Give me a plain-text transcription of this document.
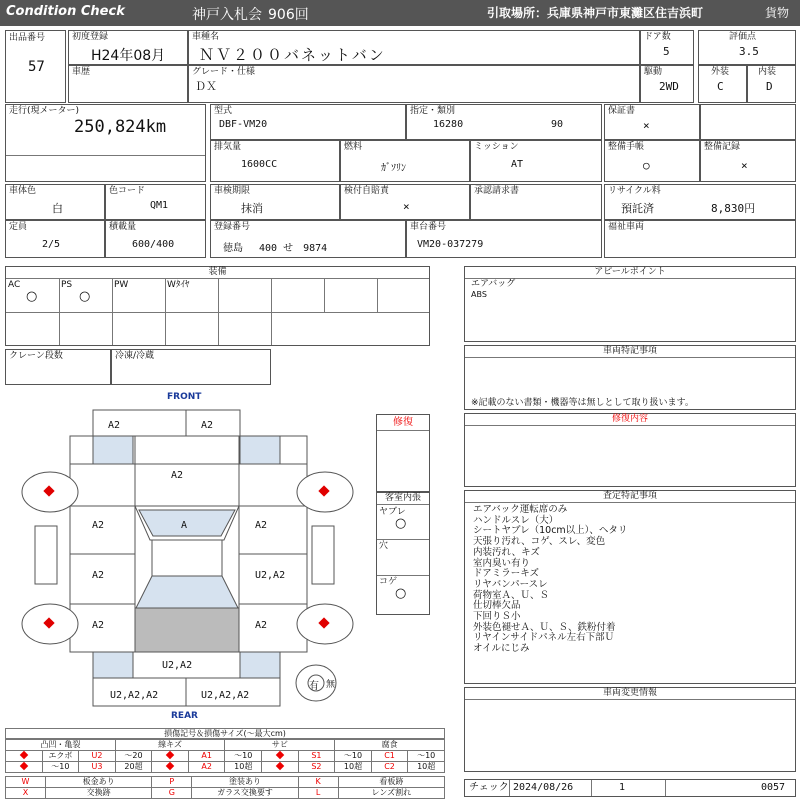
Condition Check	神戸入札会 906回	引取場所：兵庫県神戸市東灘区住吉浜町	貨物
出品番号
57
初度登録
H24年08月
車歴
車種名
ＮＶ２００バネットバン
グレード・仕様
ＤＸ
ドア数
5
駆動
2WD
評価点
3.5
外装
C
内装
D
走行(現メーター)
250,824km
型式
DBF-VM20
指定・類別
16280	90
保証書
×
排気量
1600CC
燃料
ｶﾞｿﾘﾝ
ミッション
AT
整備手帳
○
整備記録
×
車体色
白
色コード
QM1
車検期限
抹消
検付自賠責
×
承認請求書	リサイクル料
預託済	8,830円
定員
2/5
積載量
600/400
登録番号
徳島　 400 せ　9874
車台番号
VM20-037279
福祉車両
装備
AC
○
PS
○
PW	Wﾀｲﾔ
クレーン段数	冷凍/冷蔵
アピールポイント
エアバッグ
ABS
車両特記事項
※記載のない書類・機器等は無しとして取り扱います。
修復内容
査定特記事項
エアバック運転席のみ
ハンドルスレ（大）
シートヤブレ（10cm以上）、ヘタリ
天張り汚れ、コゲ、スレ、変色
内装汚れ、キズ
室内臭い有り
ドアミラーキズ
リヤバンパースレ
荷物室Ａ、Ｕ、Ｓ
仕切棒欠品
下回りＳ小
外装色褪せＡ、Ｕ、Ｓ、鉄粉付着
リヤインサイドパネル左右下部Ｕ
オイルにじみ
車両変更情報
チェック 2024/08/26	1	0057
修復
客室内張
ヤブレ
○
穴
コゲ
○
FRONT
REAR
A2	A2
A2
A2	A	A2
A2	U2,A2
A2	A2
U2,A2
U2,A2,A2	U2,A2,A2
有 無
損傷記号＆損傷サイズ(～最大cm)
凸凹・亀裂			線キズ			サビ			腐食		
	エクボ	U2	～20		A1	～10		S1	～10	C1	～10
	～10	U3	20超		A2	10超		S2	10超	C2	10超
W	板金あり	P	塗装あり	K	看板跡
X	交換跡	G	ガラス交換要す	L	レンズ割れ
